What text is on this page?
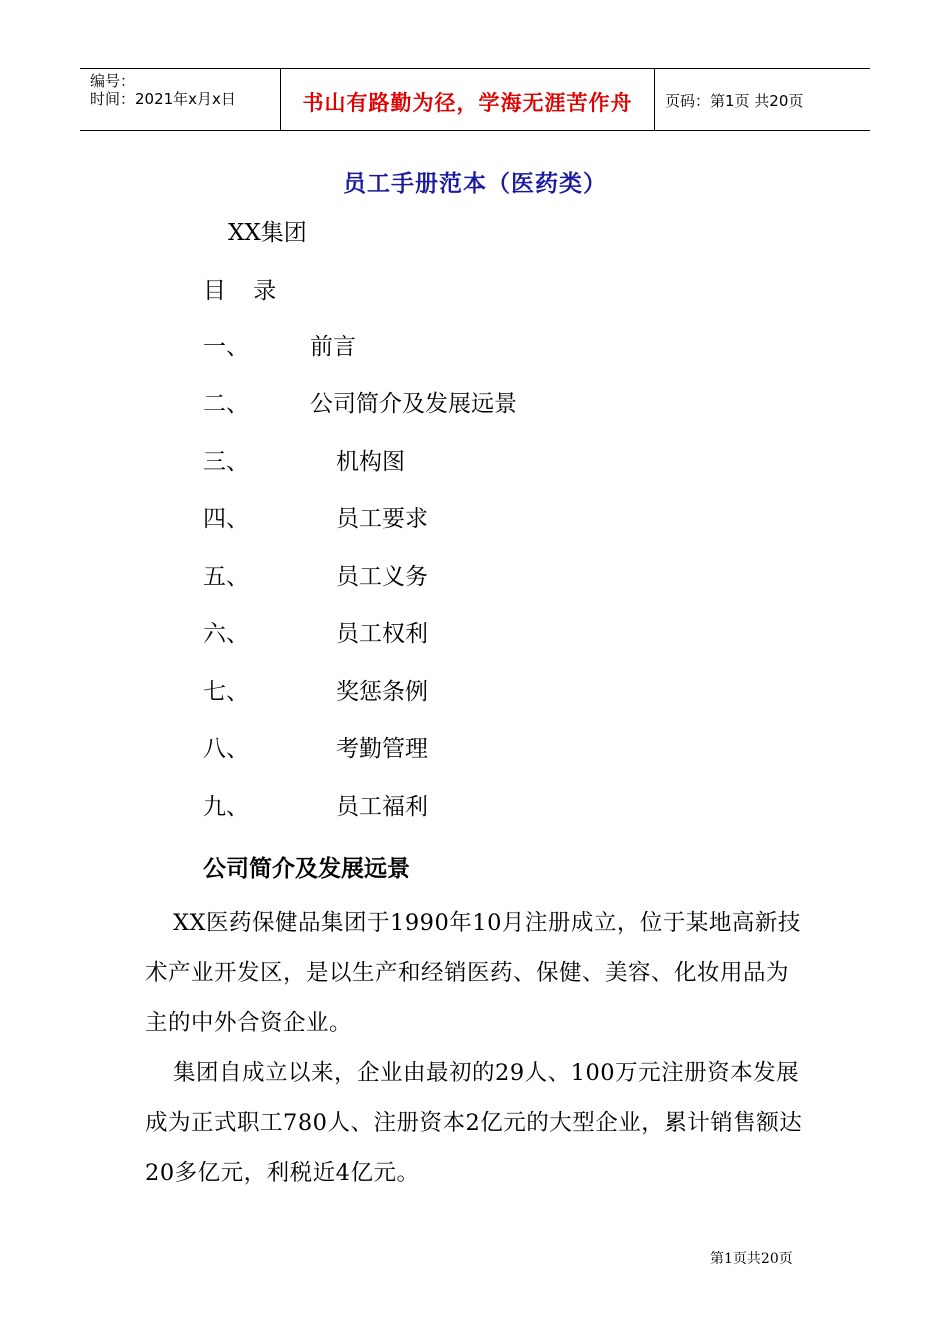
编号：
时间：2021年x月x日	书山有路勤为径，学海无涯苦作舟	页码：第1页 共20页
员工手册范本（医药类）
XX集团
目 录
一、	前言
二、	公司简介及发展远景
三、	机构图
四、	员工要求
五、	员工义务
六、	员工权利
七、	奖惩条例
八、	考勤管理
九、	员工福利
公司简介及发展远景
XX医药保健品集团于1990年10月注册成立，位于某地高新技术产业开发区，是以生产和经销医药、保健、美容、化妆用品为主的中外合资企业。
集团自成立以来，企业由最初的29人、100万元注册资本发展成为正式职工780人、注册资本2亿元的大型企业，累计销售额达20多亿元，利税近4亿元。
第1页共20页
